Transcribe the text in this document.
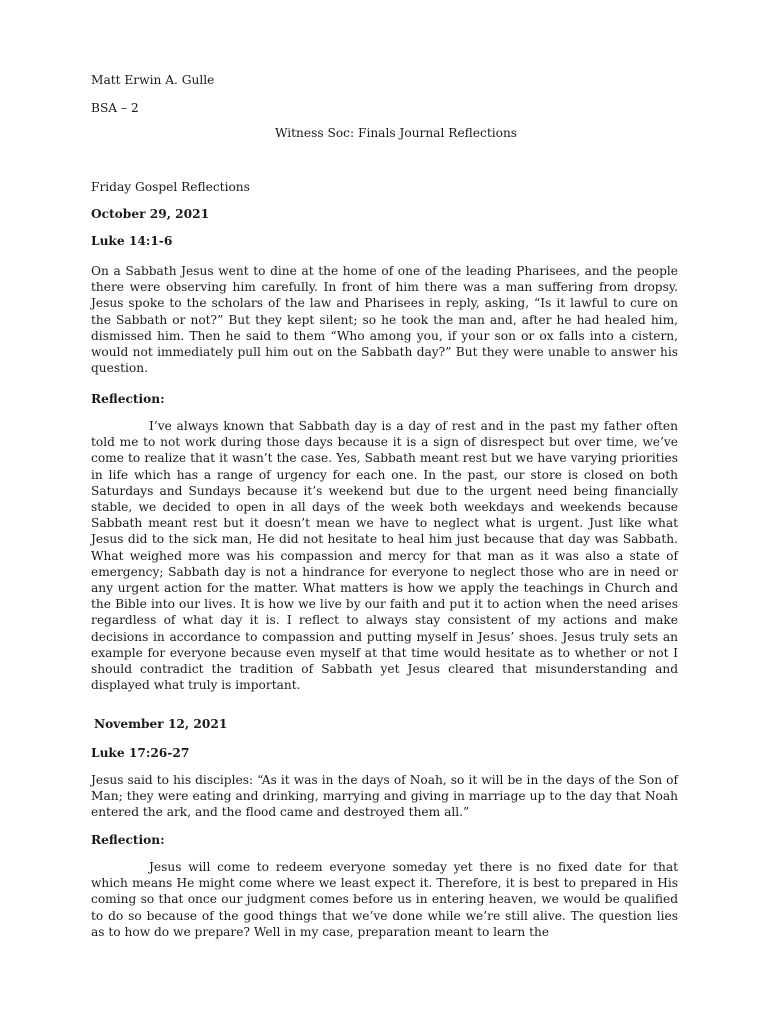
Matt Erwin A. Gulle

BSA – 2

Witness Soc: Finals Journal Reflections

Friday Gospel Reflections

October 29, 2021

Luke 14:1-6

On a Sabbath Jesus went to dine at the home of one of the leading Pharisees, and the people there were observing him carefully. In front of him there was a man suffering from dropsy. Jesus spoke to the scholars of the law and Pharisees in reply, asking, “Is it lawful to cure on the Sabbath or not?” But they kept silent; so he took the man and, after he had healed him, dismissed him. Then he said to them “Who among you, if your son or ox falls into a cistern, would not immediately pull him out on the Sabbath day?” But they were unable to answer his question.

Reflection:

I’ve always known that Sabbath day is a day of rest and in the past my father often told me to not work during those days because it is a sign of disrespect but over time, we’ve come to realize that it wasn’t the case. Yes, Sabbath meant rest but we have varying priorities in life which has a range of urgency for each one. In the past, our store is closed on both Saturdays and Sundays because it’s weekend but due to the urgent need being financially stable, we decided to open in all days of the week both weekdays and weekends because Sabbath meant rest but it doesn’t mean we have to neglect what is urgent. Just like what Jesus did to the sick man, He did not hesitate to heal him just because that day was Sabbath. What weighed more was his compassion and mercy for that man as it was also a state of emergency; Sabbath day is not a hindrance for everyone to neglect those who are in need or any urgent action for the matter. What matters is how we apply the teachings in Church and the Bible into our lives. It is how we live by our faith and put it to action when the need arises regardless of what day it is. I reflect to always stay consistent of my actions and make decisions in accordance to compassion and putting myself in Jesus’ shoes. Jesus truly sets an example for everyone because even myself at that time would hesitate as to whether or not I should contradict the tradition of Sabbath yet Jesus cleared that misunderstanding and displayed what truly is important.

November 12, 2021

Luke 17:26-27

Jesus said to his disciples: “As it was in the days of Noah, so it will be in the days of the Son of Man; they were eating and drinking, marrying and giving in marriage up to the day that Noah entered the ark, and the flood came and destroyed them all.”

Reflection:

Jesus will come to redeem everyone someday yet there is no fixed date for that which means He might come where we least expect it. Therefore, it is best to prepared in His coming so that once our judgment comes before us in entering heaven, we would be qualified to do so because of the good things that we’ve done while we’re still alive. The question lies as to how do we prepare? Well in my case, preparation meant to learn the
